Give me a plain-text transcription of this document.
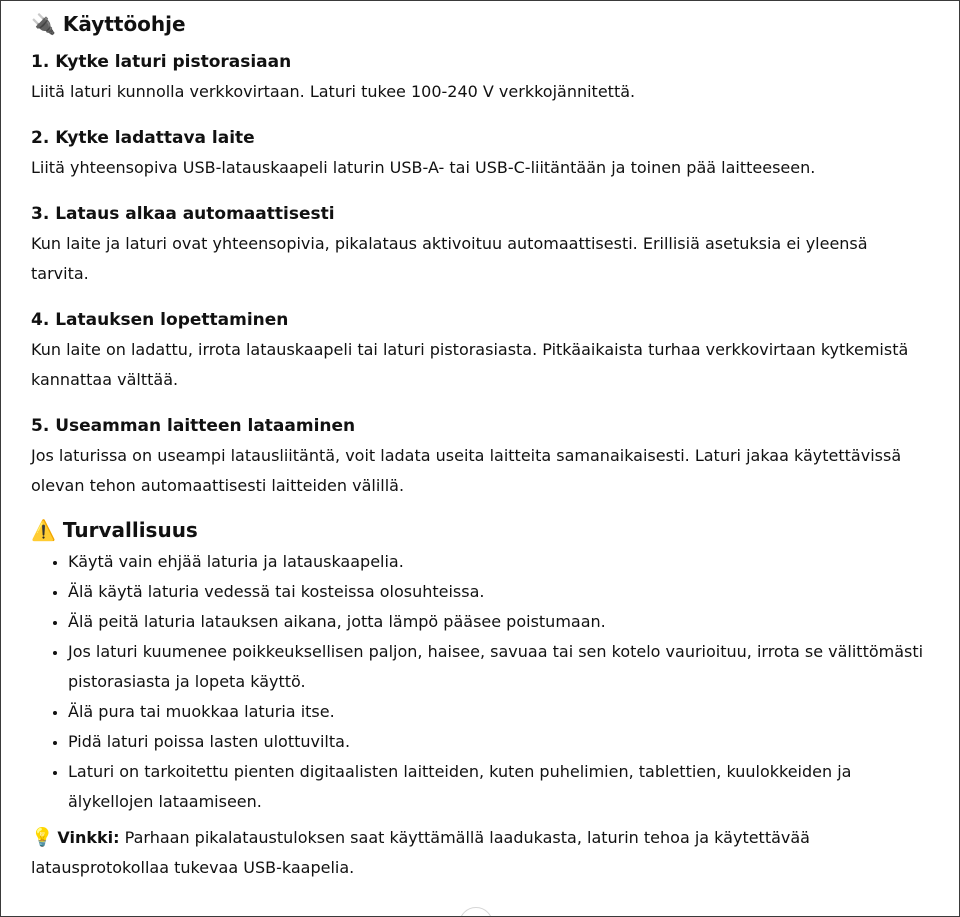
🔌 Käyttöohje
1. Kytke laturi pistorasiaan

Liitä laturi kunnolla verkkovirtaan. Laturi tukee 100-240 V verkkojännitettä.

2. Kytke ladattava laite

Liitä yhteensopiva USB-latauskaapeli laturin USB-A- tai USB-C-liitäntään ja toinen pää laitteeseen.

3. Lataus alkaa automaattisesti

Kun laite ja laturi ovat yhteensopivia, pikalataus aktivoituu automaattisesti. Erillisiä asetuksia ei yleensä tarvita.

4. Latauksen lopettaminen

Kun laite on ladattu, irrota latauskaapeli tai laturi pistorasiasta. Pitkäaikaista turhaa verkkovirtaan kytkemistä kannattaa välttää.

5. Useamman laitteen lataaminen

Jos laturissa on useampi latausliitäntä, voit ladata useita laitteita samanaikaisesti. Laturi jakaa käytettävissä olevan tehon automaattisesti laitteiden välillä.

⚠️ Turvallisuus
• Käytä vain ehjää laturia ja latauskaapelia.
• Älä käytä laturia vedessä tai kosteissa olosuhteissa.
• Älä peitä laturia latauksen aikana, jotta lämpö pääsee poistumaan.
• Jos laturi kuumenee poikkeuksellisen paljon, haisee, savuaa tai sen kotelo vaurioituu, irrota se välittömästi pistorasiasta ja lopeta käyttö.
• Älä pura tai muokkaa laturia itse.
• Pidä laturi poissa lasten ulottuvilta.
• Laturi on tarkoitettu pienten digitaalisten laitteiden, kuten puhelimien, tablettien, kuulokkeiden ja älykellojen lataamiseen.
💡 Vinkki: Parhaan pikalataustuloksen saat käyttämällä laadukasta, laturin tehoa ja käytettävää latausprotokollaa tukevaa USB-kaapelia.
